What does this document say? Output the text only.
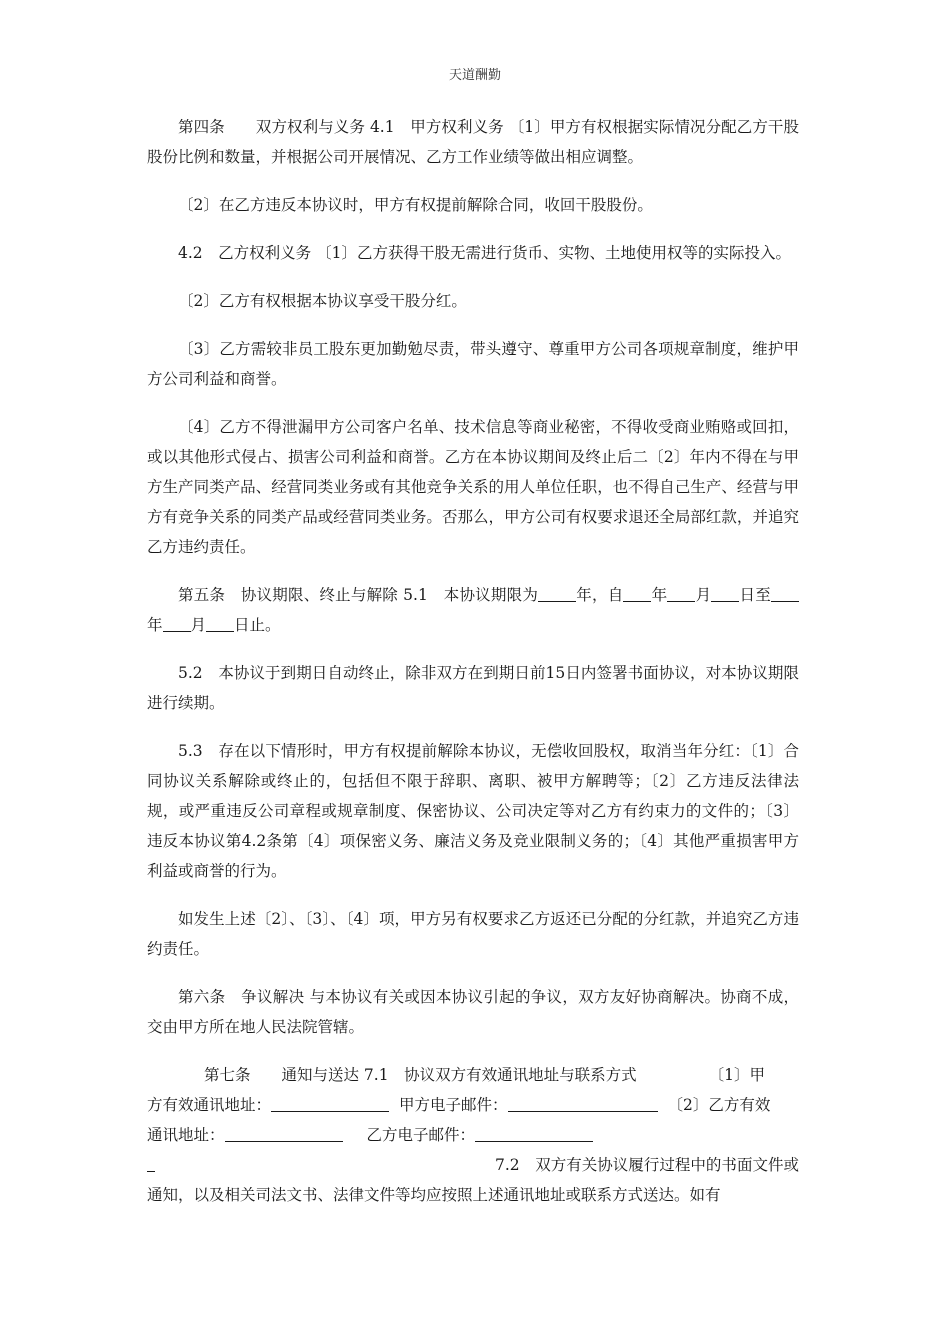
天道酬勤

第四条　　双方权利与义务 4.1　甲方权利义务 〔1〕甲方有权根据实际情况分配乙方干股股份比例和数量，并根据公司开展情况、乙方工作业绩等做出相应调整。

〔2〕在乙方违反本协议时，甲方有权提前解除合同，收回干股股份。

4.2　乙方权利义务 〔1〕乙方获得干股无需进行货币、实物、土地使用权等的实际投入。

〔2〕乙方有权根据本协议享受干股分红。

〔3〕乙方需较非员工股东更加勤勉尽责，带头遵守、尊重甲方公司各项规章制度，维护甲方公司利益和商誉。

〔4〕乙方不得泄漏甲方公司客户名单、技术信息等商业秘密，不得收受商业贿赂或回扣，或以其他形式侵占、损害公司利益和商誉。乙方在本协议期间及终止后二〔2〕年内不得在与甲方生产同类产品、经营同类业务或有其他竞争关系的用人单位任职，也不得自己生产、经营与甲方有竞争关系的同类产品或经营同类业务。否那么，甲方公司有权要求退还全局部红款，并追究乙方违约责任。

第五条　协议期限、终止与解除 5.1　本协议期限为 年，自 年 月 日至年 月 日止。

5.2　本协议于到期日自动终止，除非双方在到期日前15日内签署书面协议，对本协议期限进行续期。

5.3　存在以下情形时，甲方有权提前解除本协议，无偿收回股权，取消当年分红：〔1〕合同协议关系解除或终止的，包括但不限于辞职、离职、被甲方解聘等；〔2〕乙方违反法律法规，或严重违反公司章程或规章制度、保密协议、公司决定等对乙方有约束力的文件的；〔3〕违反本协议第4.2条第〔4〕项保密义务、廉洁义务及竞业限制义务的；〔4〕其他严重损害甲方利益或商誉的行为。

如发生上述〔2〕、〔3〕、〔4〕项，甲方另有权要求乙方返还已分配的分红款，并追究乙方违约责任。

第六条　争议解决 与本协议有关或因本协议引起的争议，双方友好协商解决。协商不成，交由甲方所在地人民法院管辖。

第七条　　通知与送达 7.1　协议双方有效通讯地址与联系方式	〔1〕甲

方有效通讯地址：	甲方电子邮件：	〔2〕乙方有效

通讯地址：	乙方电子邮件：

7.2　双方有关协议履行过程中的书面文件或通知，以及相关司法文书、法律文件等均应按照上述通讯地址或联系方式送达。如有
